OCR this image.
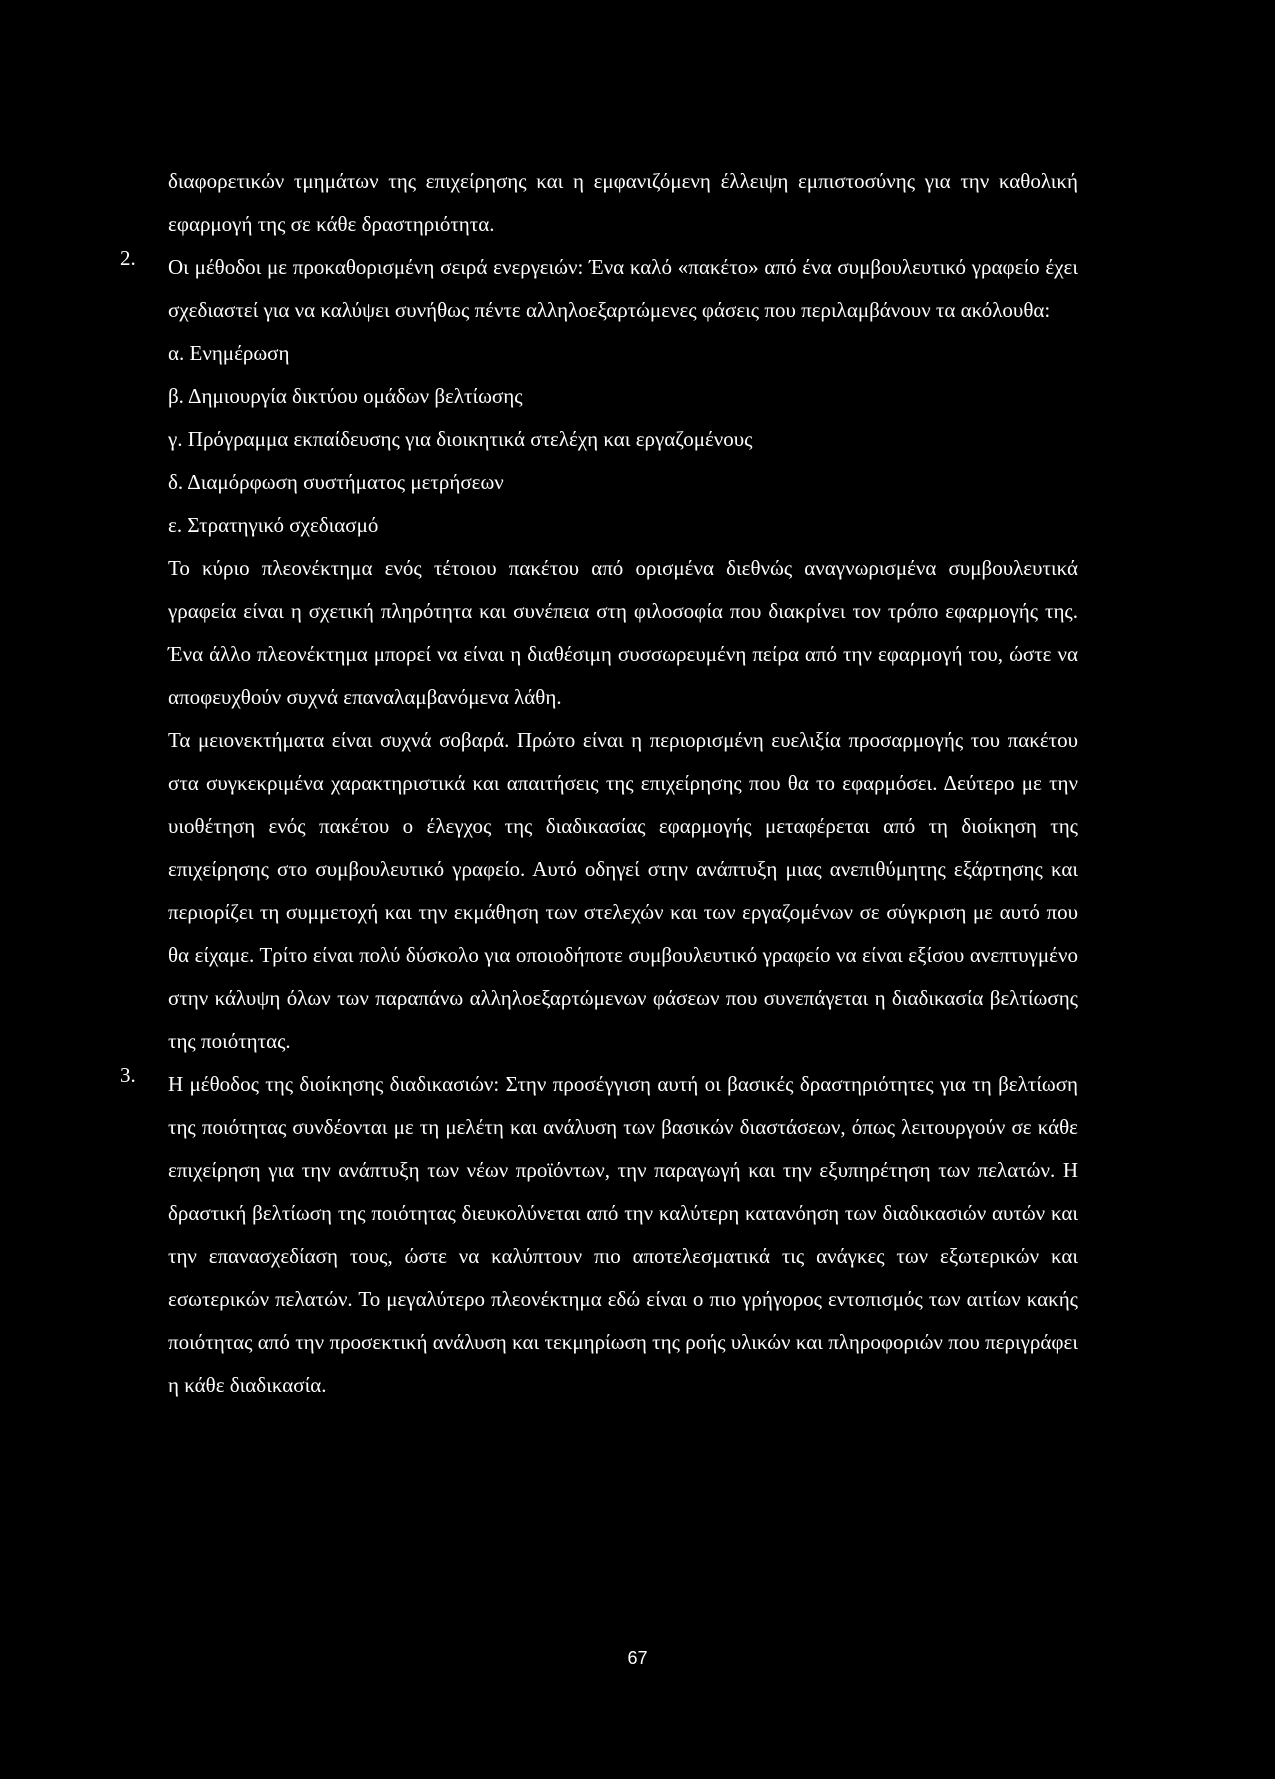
διαφορετικών τμημάτων της επιχείρησης και η εμφανιζόμενη έλλειψη εμπιστοσύνης για την καθολική εφαρμογή της σε κάθε δραστηριότητα.

2. Οι μέθοδοι με προκαθορισμένη σειρά ενεργειών: Ένα καλό «πακέτο» από ένα συμβουλευτικό γραφείο έχει σχεδιαστεί για να καλύψει συνήθως πέντε αλληλοεξαρτώμενες φάσεις που περιλαμβάνουν τα ακόλουθα:

α. Ενημέρωση

β. Δημιουργία δικτύου ομάδων βελτίωσης

γ. Πρόγραμμα εκπαίδευσης για διοικητικά στελέχη και εργαζομένους

δ. Διαμόρφωση συστήματος μετρήσεων

ε. Στρατηγικό σχεδιασμό

Το κύριο πλεονέκτημα ενός τέτοιου πακέτου από ορισμένα διεθνώς αναγνωρισμένα συμβουλευτικά γραφεία είναι η σχετική πληρότητα και συνέπεια στη φιλοσοφία που διακρίνει τον τρόπο εφαρμογής της. Ένα άλλο πλεονέκτημα μπορεί να είναι η διαθέσιμη συσσωρευμένη πείρα από την εφαρμογή του, ώστε να αποφευχθούν συχνά επαναλαμβανόμενα λάθη.

Τα μειονεκτήματα είναι συχνά σοβαρά. Πρώτο είναι η περιορισμένη ευελιξία προσαρμογής του πακέτου στα συγκεκριμένα χαρακτηριστικά και απαιτήσεις της επιχείρησης που θα το εφαρμόσει. Δεύτερο με την υιοθέτηση ενός πακέτου ο έλεγχος της διαδικασίας εφαρμογής μεταφέρεται από τη διοίκηση της επιχείρησης στο συμβουλευτικό γραφείο. Αυτό οδηγεί στην ανάπτυξη μιας ανεπιθύμητης εξάρτησης και περιορίζει τη συμμετοχή και την εκμάθηση των στελεχών και των εργαζομένων σε σύγκριση με αυτό που θα είχαμε. Τρίτο είναι πολύ δύσκολο για οποιοδήποτε συμβουλευτικό γραφείο να είναι εξίσου ανεπτυγμένο στην κάλυψη όλων των παραπάνω αλληλοεξαρτώμενων φάσεων που συνεπάγεται η διαδικασία βελτίωσης της ποιότητας.

3. Η μέθοδος της διοίκησης διαδικασιών: Στην προσέγγιση αυτή οι βασικές δραστηριότητες για τη βελτίωση της ποιότητας συνδέονται με τη μελέτη και ανάλυση των βασικών διαστάσεων, όπως λειτουργούν σε κάθε επιχείρηση για την ανάπτυξη των νέων προϊόντων, την παραγωγή και την εξυπηρέτηση των πελατών. Η δραστική βελτίωση της ποιότητας διευκολύνεται από την καλύτερη κατανόηση των διαδικασιών αυτών και την επανασχεδίαση τους, ώστε να καλύπτουν πιο αποτελεσματικά τις ανάγκες των εξωτερικών και εσωτερικών πελατών. Το μεγαλύτερο πλεονέκτημα εδώ είναι ο πιο γρήγορος εντοπισμός των αιτίων κακής ποιότητας από την προσεκτική ανάλυση και τεκμηρίωση της ροής υλικών και πληροφοριών που περιγράφει η κάθε διαδικασία.

67
